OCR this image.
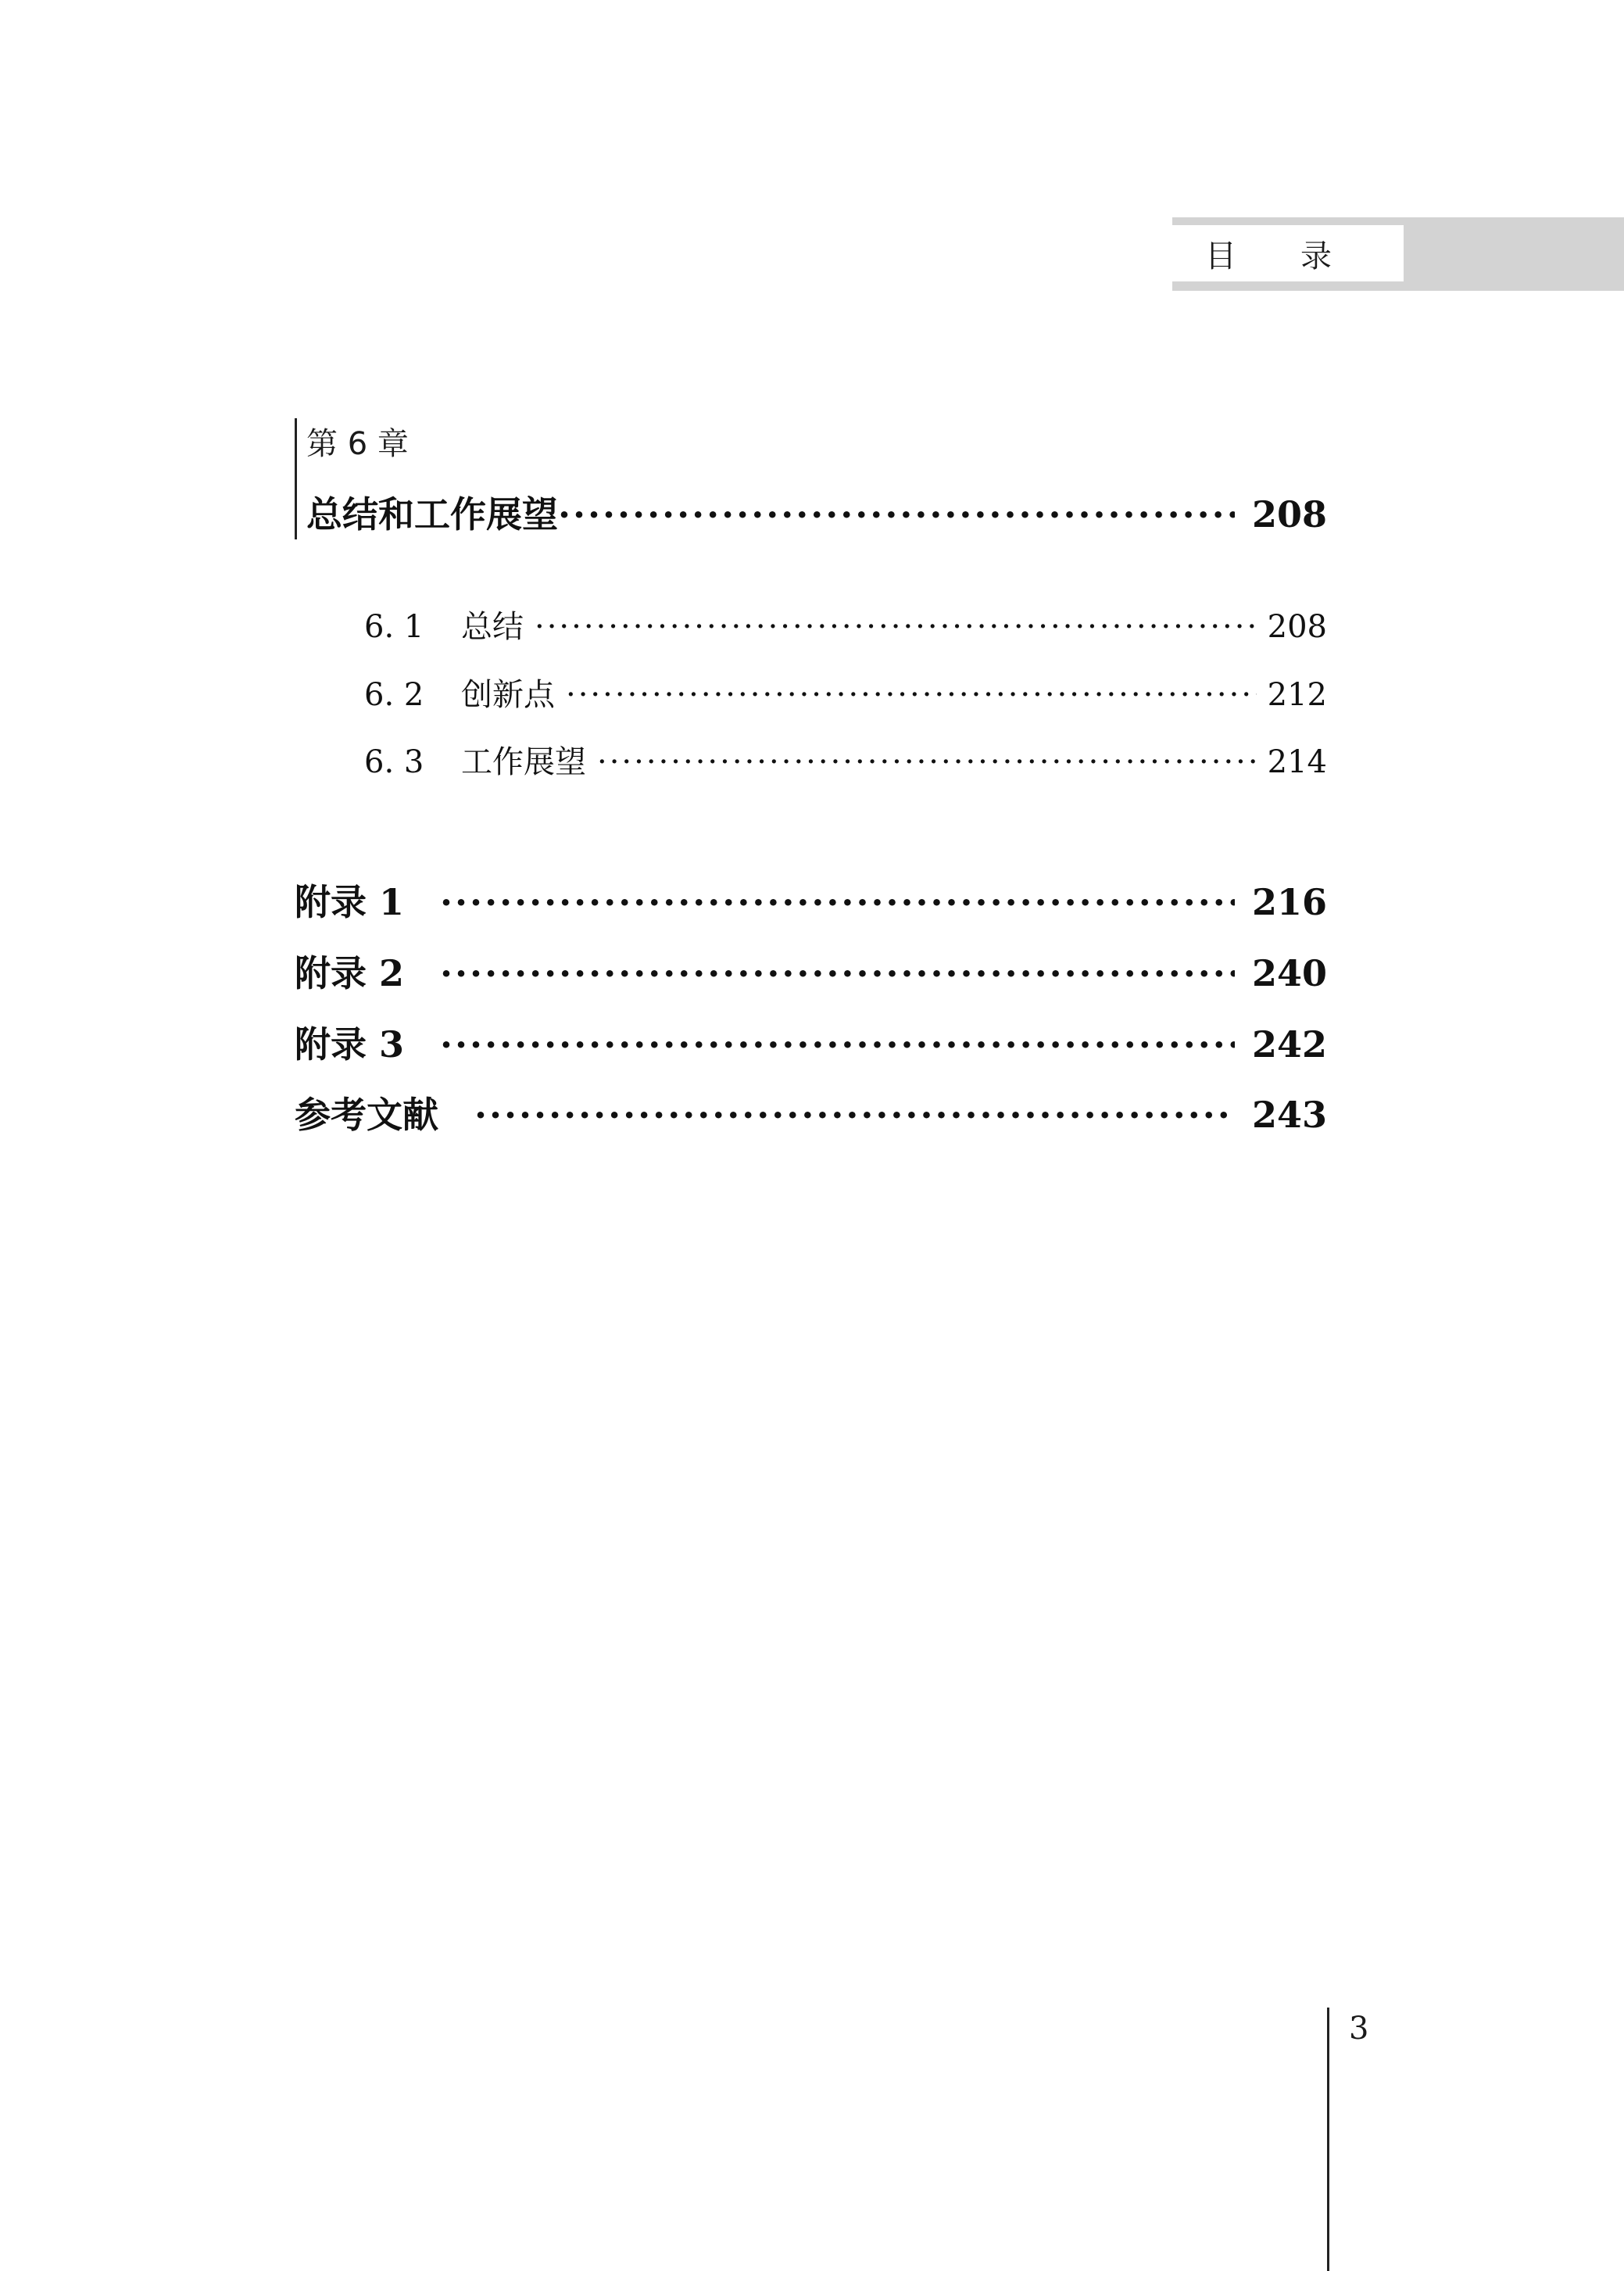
目录
第 6 章
总结和工作展望 ·····	208
6. 1 总结 ·····	208
6. 2 创新点 ·····	212
6. 3 工作展望 ·····	214
附录 1 ·····	216
附录 2 ·····	240
附录 3 ·····	242
参考文献 ·····	243
3
